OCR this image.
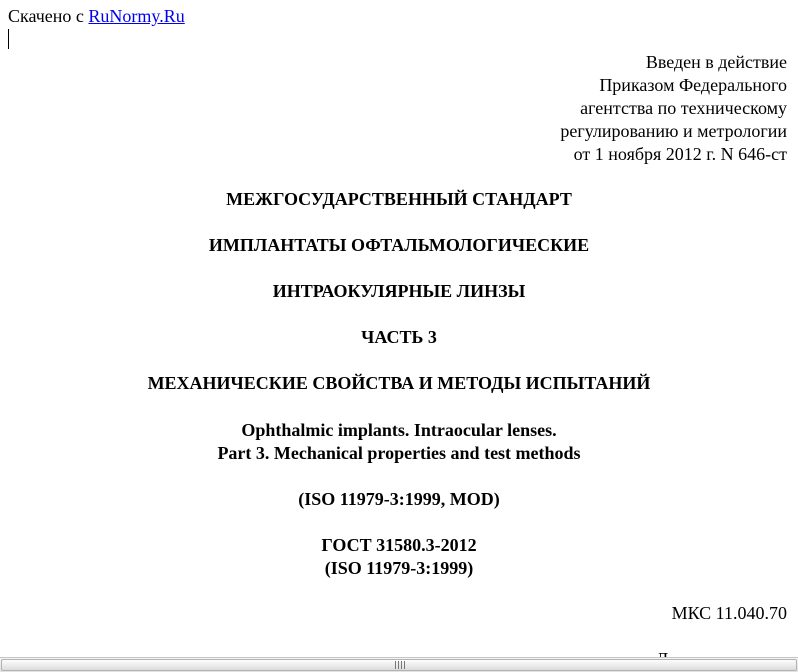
Скачено с RuNormy.Ru
Введен в действие
Приказом Федерального
агентства по техническому
регулированию и метрологии
от 1 ноября 2012 г. N 646-ст
МЕЖГОСУДАРСТВЕННЫЙ СТАНДАРТ
ИМПЛАНТАТЫ ОФТАЛЬМОЛОГИЧЕСКИЕ
ИНТРАОКУЛЯРНЫЕ ЛИНЗЫ
ЧАСТЬ 3
МЕХАНИЧЕСКИЕ СВОЙСТВА И МЕТОДЫ ИСПЫТАНИЙ
Ophthalmic implants. Intraocular lenses.
Part 3. Mechanical properties and test methods
(ISO 11979-3:1999, MOD)
ГОСТ 31580.3-2012
(ISO 11979-3:1999)
МКС 11.040.70
